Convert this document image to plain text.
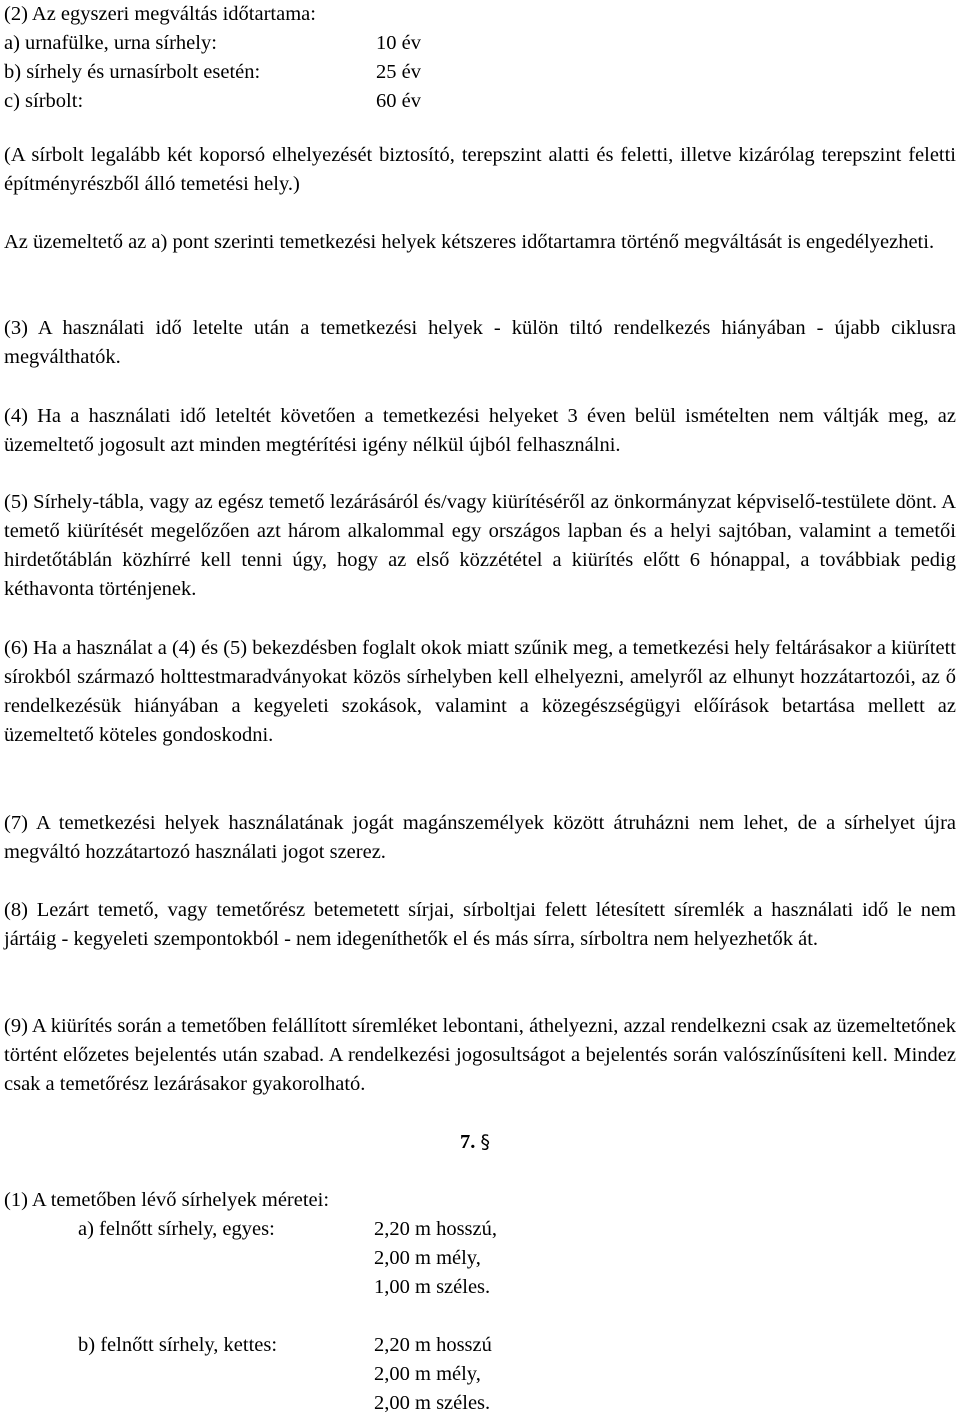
(2) Az egyszeri megváltás időtartama:

a) urnafülke, urna sírhely:	10 év
b) sírhely és urnasírbolt esetén:	25 év
c) sírbolt:	60 év

(A sírbolt legalább két koporsó elhelyezését biztosító, terepszint alatti és feletti, illetve kizárólag terepszint feletti építményrészből álló temetési hely.)

Az üzemeltető az a) pont szerinti temetkezési helyek kétszeres időtartamra történő megváltását is engedélyezheti.

(3) A használati idő letelte után a temetkezési helyek - külön tiltó rendelkezés hiányában - újabb ciklusra megválthatók.

(4) Ha a használati idő leteltét követően a temetkezési helyeket 3 éven belül ismételten nem váltják meg, az üzemeltető jogosult azt minden megtérítési igény nélkül újból felhasználni.

(5) Sírhely-tábla, vagy az egész temető lezárásáról és/vagy kiürítéséről az önkormányzat képviselő-testülete dönt. A temető kiürítését megelőzően azt három alkalommal egy országos lapban és a helyi sajtóban, valamint a temetői hirdetőtáblán közhírré kell tenni úgy, hogy az első közzététel a kiürítés előtt 6 hónappal, a továbbiak pedig kéthavonta történjenek.

(6) Ha a használat a (4) és (5) bekezdésben foglalt okok miatt szűnik meg, a temetkezési hely feltárásakor a kiürített sírokból származó holttestmaradványokat közös sírhelyben kell elhelyezni, amelyről az elhunyt hozzátartozói, az ő rendelkezésük hiányában a kegyeleti szokások, valamint a közegészségügyi előírások betartása mellett az üzemeltető köteles gondoskodni.

(7) A temetkezési helyek használatának jogát magánszemélyek között átruházni nem lehet, de a sírhelyet újra megváltó hozzátartozó használati jogot szerez.

(8) Lezárt temető, vagy temetőrész betemetett sírjai, sírboltjai felett létesített síremlék a használati idő le nem jártáig - kegyeleti szempontokból - nem idegeníthetők el és más sírra, sírboltra nem helyezhetők át.

(9) A kiürítés során a temetőben felállított síremléket lebontani, áthelyezni, azzal rendelkezni csak az üzemeltetőnek történt előzetes bejelentés után szabad. A rendelkezési jogosultságot a bejelentés során valószínűsíteni kell. Mindez csak a temetőrész lezárásakor gyakorolható.

7. §

(1) A temetőben lévő sírhelyek méretei:

a) felnőtt sírhely, egyes:	2,20 m hosszú,
2,00 m mély,
1,00 m széles.
b) felnőtt sírhely, kettes:	2,20 m hosszú
2,00 m mély,
2,00 m széles.
